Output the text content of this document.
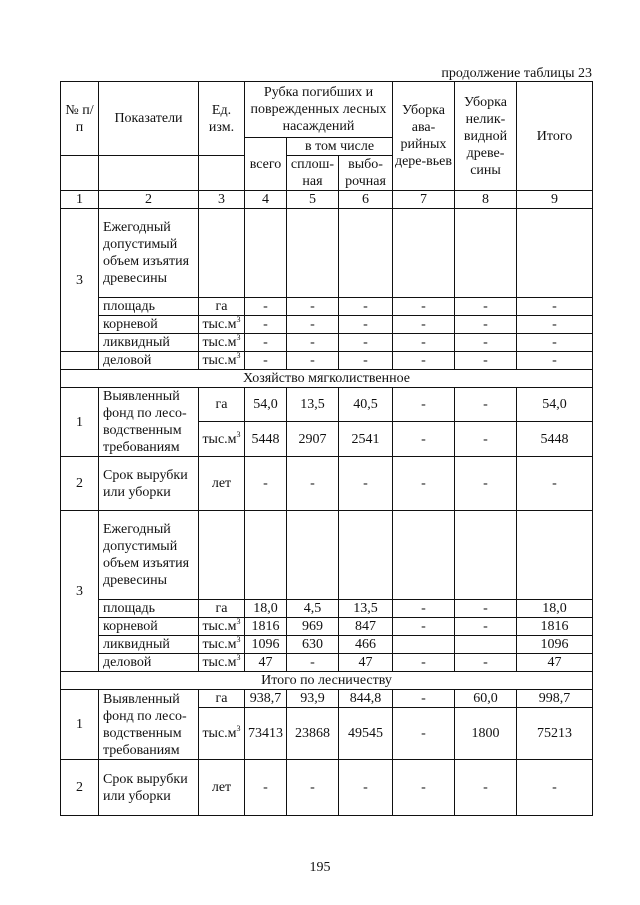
продолжение таблицы 23
№ п/п	Показатели	Ед. изм.	Рубка погибших и поврежденных лесных насаждений			Уборка ава-рийных дере-вьев	Уборка нелик-видной древе-сины	Итого
			всего	в том числе				
				сплош-ная	выбо-рочная			
1	2	3	4	5	6	7	8	9
3	Ежегодный допустимый объем изъятия древесины							
	площадь	га	-	-	-	-	-	-
	корневой	$тыс.м^3$	-	-	-	-	-	-
	ликвидный	$тыс.м^3$	-	-	-	-	-	-
	деловой	$тыс.м^3$	-	-	-	-	-	-
Хозяйство мягколиственное								
1	Выявленный фонд по лесо-водственным требованиям	га	54,0	13,5	40,5	-	-	54,0
		$тыс.м^3$	5448	2907	2541	-	-	5448
2	Срок вырубки или уборки	лет	-	-	-	-	-	-
3	Ежегодный допустимый объем изъятия древесины							
	площадь	га	18,0	4,5	13,5	-	-	18,0
	корневой	$тыс.м^3$	1816	969	847	-	-	1816
	ликвидный	$тыс.м^3$	1096	630	466			1096
	деловой	$тыс.м^3$	47	-	47	-	-	47
Итого по лесничеству								
1	Выявленный фонд по лесо-водственным требованиям	га	938,7	93,9	844,8	-	60,0	998,7
		$тыс.м^3$	73413	23868	49545	-	1800	75213
2	Срок вырубки или уборки	лет	-	-	-	-	-	-
195
